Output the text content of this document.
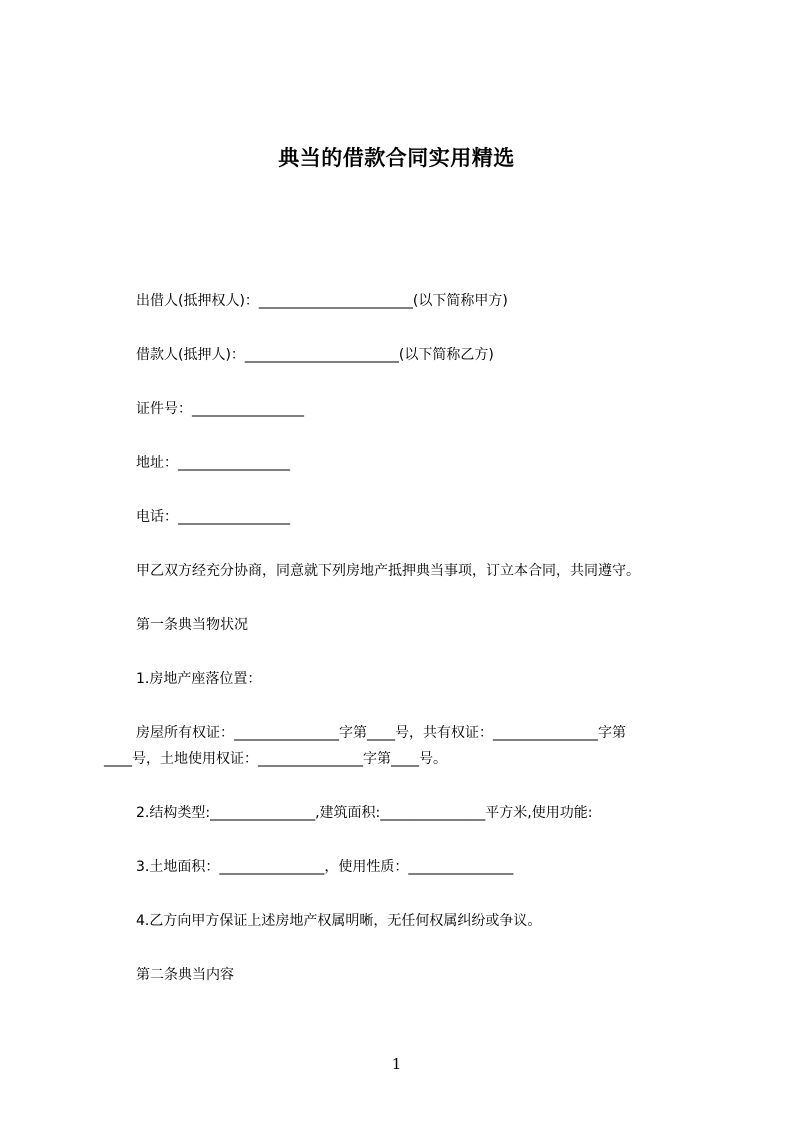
典当的借款合同实用精选
出借人(抵押权人)：______________________(以下简称甲方)
借款人(抵押人)：______________________(以下简称乙方)
证件号：________________
地址：________________
电话：________________
甲乙双方经充分协商，同意就下列房地产抵押典当事项，订立本合同，共同遵守。
第一条典当物状况
1.房地产座落位置：
房屋所有权证：_______________字第____号，共有权证：_______________字第
____号，土地使用权证：_______________字第____号。
2.结构类型:_______________,建筑面积:_______________平方米,使用功能:
3.土地面积：_______________，使用性质：_______________
4.乙方向甲方保证上述房地产权属明晰，无任何权属纠纷或争议。
第二条典当内容
1
